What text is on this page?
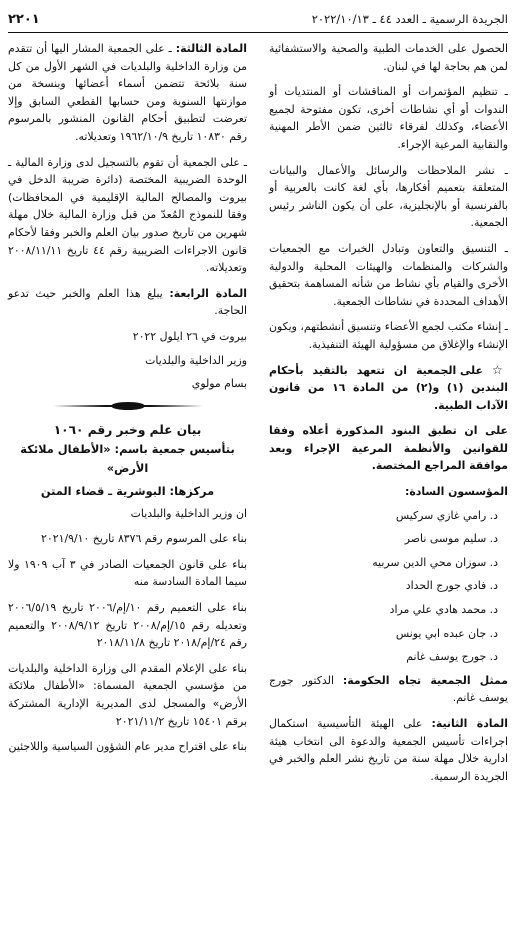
٢٢٠١	الجريدة الرسمية ـ العدد ٤٤ ـ ٢٠٢٢/١٠/١٣

الحصول على الخدمات الطبية والصحية والاستشفائية لمن هم بحاجة لها في لبنان.

ـ تنظيم المؤتمرات أو المناقشات أو المنتديات أو الندوات أو أي نشاطات أخرى، تكون مفتوحة لجميع الأعضاء، وكذلك لفرقاء ثالثين ضمن الأطر المهنية والنقابية المرعية الإجراء.

ـ نشر الملاحظات والرسائل والأعمال والبيانات المتعلقة بتعميم أفكارها، بأي لغة كانت بالعربية أو بالفرنسية أو بالإنجليزية، على أن يكون الناشر رئيس الجمعية.

ـ التنسيق والتعاون وتبادل الخبرات مع الجمعيات والشركات والمنظمات والهيئات المحلية والدولية الأخرى والقيام بأي نشاط من شأنه المساهمة بتحقيق الأهداف المحددة في نشاطات الجمعية.

ـ إنشاء مكتب لجمع الأعضاء وتنسيق أنشطتهم، ويكون الإنشاء والإغلاق من مسؤولية الهيئة التنفيذية.

☆ على الجمعية ان تتعهد بالتقيد بأحكام البندين (١) و(٢) من المادة ١٦ من قانون الآداب الطبية.

على ان تطبق البنود المذكورة أعلاه وفقا للقوانين والأنظمة المرعية الإجراء وبعد موافقة المراجع المختصة.

المؤسسون السادة:
د. رامي غازي سركيس
د. سليم موسى ناصر
د. سوزان محي الدين سربيه
د. فادي جورج الحداد
د. محمد هادي علي مراد
د. جان عبده ابي يونس
د. جورج يوسف غانم

ممثل الجمعية تجاه الحكومة: الدكتور جورج يوسف غانم.

المادة الثانية: على الهيئة التأسيسية استكمال اجراءات تأسيس الجمعية والدعوة الى انتخاب هيئة ادارية خلال مهلة سنة من تاريخ نشر العلم والخبر في الجريدة الرسمية.

المادة الثالثة: ـ على الجمعية المشار اليها أن تتقدم من وزارة الداخلية والبلديات في الشهر الأول من كل سنة بلائحة تتضمن أسماء أعضائها وبنسخة من موازنتها السنوية ومن حسابها القطعي السابق وإلا تعرضت لتطبيق أحكام القانون المنشور بالمرسوم رقم ١٠٨٣٠ تاريخ ١٩٦٢/١٠/٩ وتعديلاته.

ـ على الجمعية أن تقوم بالتسجيل لدى وزارة المالية ـ الوحدة الضريبية المختصة (دائرة ضريبة الدخل في بيروت والمصالح المالية الإقليمية في المحافظات) وفقا للنموذج المُعدّ من قبل وزارة المالية خلال مهلة شهرين من تاريخ صدور بيان العلم والخبر وفقا لأحكام قانون الاجراءات الضريبية رقم ٤٤ تاريخ ٢٠٠٨/١١/١١ وتعديلاته.

المادة الرابعة: يبلغ هذا العلم والخبر حيث تدعو الحاجة.

بيروت في ٢٦ ايلول ٢٠٢٢

وزير الداخلية والبلديات

بسام مولوي

بيان علم وخبر رقم ١٠٦٠
بتأسيس جمعية باسم: «الأطفال ملائكة الأرض»
مركزها: البوشرية ـ قضاء المتن

ان وزير الداخلية والبلديات

بناء على المرسوم رقم ٨٣٧٦ تاريخ ٢٠٢١/٩/١٠

بناء على قانون الجمعيات الصادر في ٣ آب ١٩٠٩ ولا سيما المادة السادسة منه

بناء على التعميم رقم ١٠/إم/٢٠٠٦ تاريخ ٢٠٠٦/٥/١٩ وتعديله رقم ١٥/إم/٢٠٠٨ تاريخ ٢٠٠٨/٩/١٢ والتعميم رقم ٢٤/إم/٢٠١٨ تاريخ ٢٠١٨/١١/٨

بناء على الإعلام المقدم الى وزارة الداخلية والبلديات من مؤسسي الجمعية المسماة: «الأطفال ملائكة الأرض» والمسجل لدى المديرية الإدارية المشتركة برقم ١٥٤٠١ تاريخ ٢٠٢١/١١/٢

بناء على اقتراح مدير عام الشؤون السياسية واللاجئين
